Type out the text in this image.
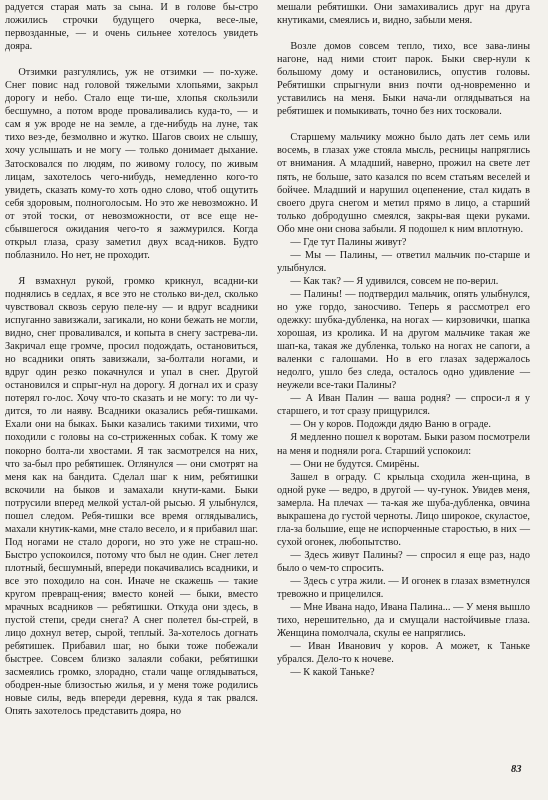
радуется старая мать за сына. И в голове бы-стро ложились строчки будущего очерка, весе-лые, первозданные, — и очень сильнее хотелось увидеть доярa.

Отзимки разгулялись, уж не отзимки — по-хуже. Снег повис над головой тяжелыми хлопьями, закрыл дорогу и небо. Стало еще ти-ше, хлопья скользили бесшумно, а потом вроде проваливались куда-то, — и сам я уж вроде не на земле, а где-нибудь на луне, так тихо вез-де, безмолвно и жутко. Шагов своих не слышу, хочу услышать и не могу — только донимает дыхание. Затосковался по людям, по живому голосу, по живым лицам, захотелось чего-нибудь, немедленно кого-то увидеть, сказать кому-то хоть одно слово, чтоб ощутить себя здоровым, полноголосым. Но это же невозможно. И от этой тоски, от невозможности, от все еще не-сбывшегося ожидания чего-то я зажмурился. Когда открыл глаза, сразу заметил двух всад-ников. Будто поблазнило. Но нет, не проходит.

Я взмахнул рукой, громко крикнул, всадни-ки поднялись в седлах, я все это не столько ви-дел, сколько чувствовал сквозь серую пеле-ну — и вдруг всадники испуганно завизжали, загикали, но кони бежать не могли, видно, снег проваливался, и копыта в снегу застрева-ли. Закричал еще громче, просил подождать, остановиться, но всадники опять завизжали, за-болтали ногами, и вдруг один резко покачнулся и упал в снег. Другой остановился и спрыг-нул на дорогу. Я догнал их и сразу потерял го-лос. Хочу что-то сказать и не могу: то ли чу-дится, то ли наяву. Всадники оказались ребя-тишками. Ехали они на быках. Быки казались такими тихими, что походили с головы на со-стриженных собак. К тому же покорно болта-ли хвостами. Я так засмотрелся на них, что за-был про ребятишек. Оглянулся — они смотрят на меня как на бандита. Сделал шаг к ним, ребятишки вскочили на быков и замахали кнути-ками. Быки потрусили вперед мелкой устал-ой рысью. Я улыбнулся, пошел следом. Ребя-тишки все время оглядывались, махали кнутик-ками, мне стало весело, и я прибавил шаг. Под ногами не стало дороги, но это уже не страш-но. Быстро успокоился, потому что был не один. Снег летел плотный, бесшумный, впереди покачивались всадники, и все это походило на сон. Иначе не скажешь — такие кругом превращ-ения; вместо коней — быки, вместо мрачных всадников — ребятишки. Откуда они здесь, в пустой степи, среди снега? А снег полетел бы-стрей, в лицо дохнул ветер, сырой, теплый. За-хотелось догнать ребятишек. Прибавил шаг, но быки тоже побежали быстрее. Совсем близко залаяли собаки, ребятишки засмеялись громко, злорадно, стали чаще оглядываться, ободрен-ные близостью жилья, и у меня тоже родились новые силы, ведь впереди деревня, куда я так рвался. Опять захотелось представить доярa, но

мешали ребятишки. Они замахивались друг на друга кнутиками, смеялись и, видно, забыли меня.

Возле домов совсем тепло, тихо, все зава-лины нагоне, над ними стоит парок. Быки свер-нули к большому дому и остановились, опустив головы. Ребятишки спрыгнули вниз почти од-новременно и уставились на меня. Быки нача-ли оглядываться на ребятишек и помыкивать, точно без них тосковали.

Старшему мальчику можно было дать лет семь или восемь, в глазах уже стояла мысль, ресницы напряглись от внимания. А младший, наверно, прожил на свете лет пять, не больше, зато казался по всем статьям веселей и бойчее. Младший и нарушил оцепенение, стал кидать в своего друга снегом и метил прямо в лицо, а старший только добродушно смеялся, закры-вая щеки руками. Обо мне они снова забыли. Я подошел к ним вплотную.

— Где тут Палины живут?

— Мы — Палины, — ответил мальчик по-старше и улыбнулся.

— Как так? — Я удивился, совсем не по-верил.

— Палины! — подтвердил мальчик, опять улыбнулся, но уже гордо, заносчиво. Теперь я рассмотрел его одежку: шубка-дубленка, на ногах — кирзовички, шапка хорошая, из кролика. И на другом мальчике такая же шап-ка, такая же дубленка, только на ногах не сапоги, а валенки с галошами. Но в его глазах задержалось недолго, ушло без следа, осталось одно удивление — неужели все-таки Палины?

— А Иван Палин — ваша родня? — спроси-л я у старшего, и тот сразу прищурился.

— Он у коров. Подожди дядю Ваню в ограде.

Я медленно пошел к воротам. Быки разом посмотрели на меня и подняли рога. Старший успокоил:

— Они не будутся. Смирёны.

Зашел в ограду. С крыльца сходила жен-щина, в одной руке — ведро, в другой — чу-гунок. Увидев меня, замерла. На плечах — та-кая же шуба-дубленка, овчина выкрашена до густой черноты. Лицо широкое, скуластое, гла-за большие, еще не испорченные старостью, в них — сухой огонек, любопытство.

— Здесь живут Палины? — спросил я еще раз, надо было о чем-то спросить.

— Здесь с утра жили. — И огонек в глазах взметнулся тревожно и прицелился.

— Мне Ивана надо, Ивана Палина... — У меня вышло тихо, нерешительно, да и смущали настойчивые глаза. Женщина помолчала, скулы ее напряглись.

— Иван Иванович у коров. А может, к Таньке убрался. Дело-то к ночеве.

— К какой Таньке?

83
